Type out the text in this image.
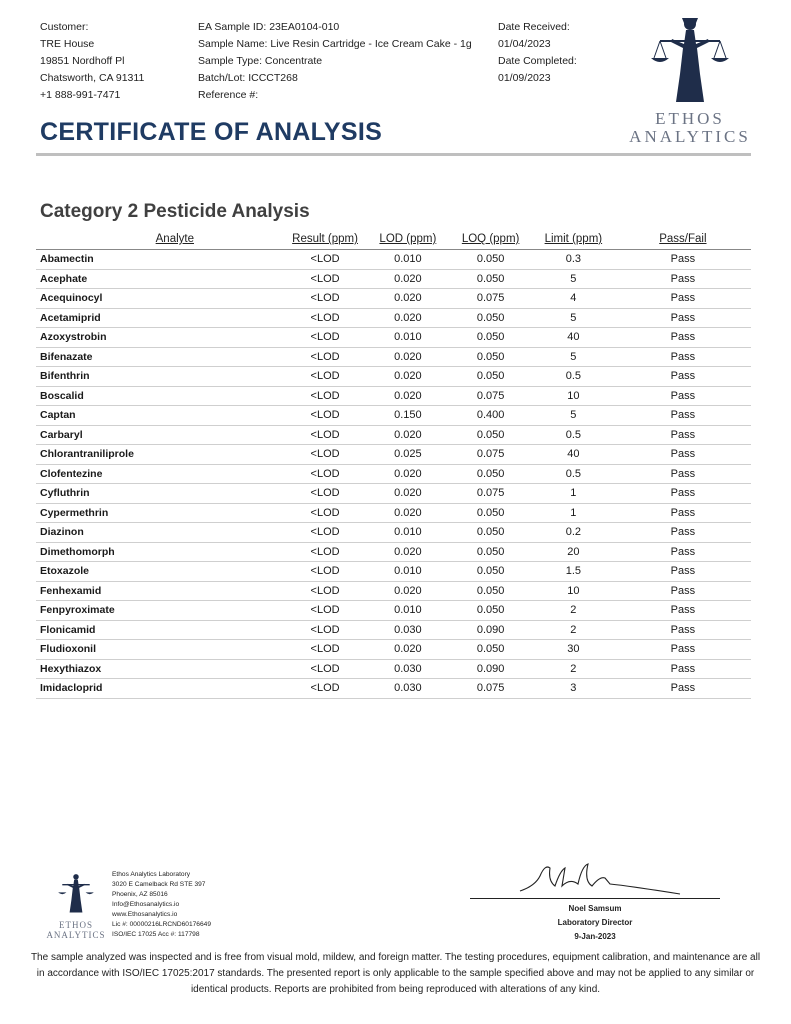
Customer:
TRE House
19851 Nordhoff Pl
Chatsworth, CA 91311
+1 888-991-7471
EA Sample ID: 23EA0104-010
Sample Name: Live Resin Cartridge - Ice Cream Cake - 1g
Sample Type: Concentrate
Batch/Lot: ICCCT268
Reference #:
Date Received:
01/04/2023
Date Completed:
01/09/2023
ETHOS
ANALYTICS
CERTIFICATE OF ANALYSIS
Category 2 Pesticide Analysis
Analyte	Result (ppm)	LOD (ppm)	LOQ (ppm)	Limit (ppm)	Pass/Fail
Abamectin	<LOD	0.010	0.050	0.3	Pass
Acephate	<LOD	0.020	0.050	5	Pass
Acequinocyl	<LOD	0.020	0.075	4	Pass
Acetamiprid	<LOD	0.020	0.050	5	Pass
Azoxystrobin	<LOD	0.010	0.050	40	Pass
Bifenazate	<LOD	0.020	0.050	5	Pass
Bifenthrin	<LOD	0.020	0.050	0.5	Pass
Boscalid	<LOD	0.020	0.075	10	Pass
Captan	<LOD	0.150	0.400	5	Pass
Carbaryl	<LOD	0.020	0.050	0.5	Pass
Chlorantraniliprole	<LOD	0.025	0.075	40	Pass
Clofentezine	<LOD	0.020	0.050	0.5	Pass
Cyfluthrin	<LOD	0.020	0.075	1	Pass
Cypermethrin	<LOD	0.020	0.050	1	Pass
Diazinon	<LOD	0.010	0.050	0.2	Pass
Dimethomorph	<LOD	0.020	0.050	20	Pass
Etoxazole	<LOD	0.010	0.050	1.5	Pass
Fenhexamid	<LOD	0.020	0.050	10	Pass
Fenpyroximate	<LOD	0.010	0.050	2	Pass
Flonicamid	<LOD	0.030	0.090	2	Pass
Fludioxonil	<LOD	0.020	0.050	30	Pass
Hexythiazox	<LOD	0.030	0.090	2	Pass
Imidacloprid	<LOD	0.030	0.075	3	Pass
ETHOS
ANALYTICS
Ethos Analytics Laboratory
3020 E Camelback Rd STE 397
Phoenix, AZ 85016
Info@Ethosanalytics.io
www.Ethosanalytics.io
Lic #: 00000216LRCND60176649
ISO/IEC 17025 Acc #: 117798
Noel Samsum
Laboratory Director
9-Jan-2023
The sample analyzed was inspected and is free from visual mold, mildew, and foreign matter. The testing procedures, equipment calibration, and maintenance are all in accordance with ISO/IEC 17025:2017 standards. The presented report is only applicable to the sample specified above and may not be applied to any similar or identical products. Reports are prohibited from being reproduced with alterations of any kind.
